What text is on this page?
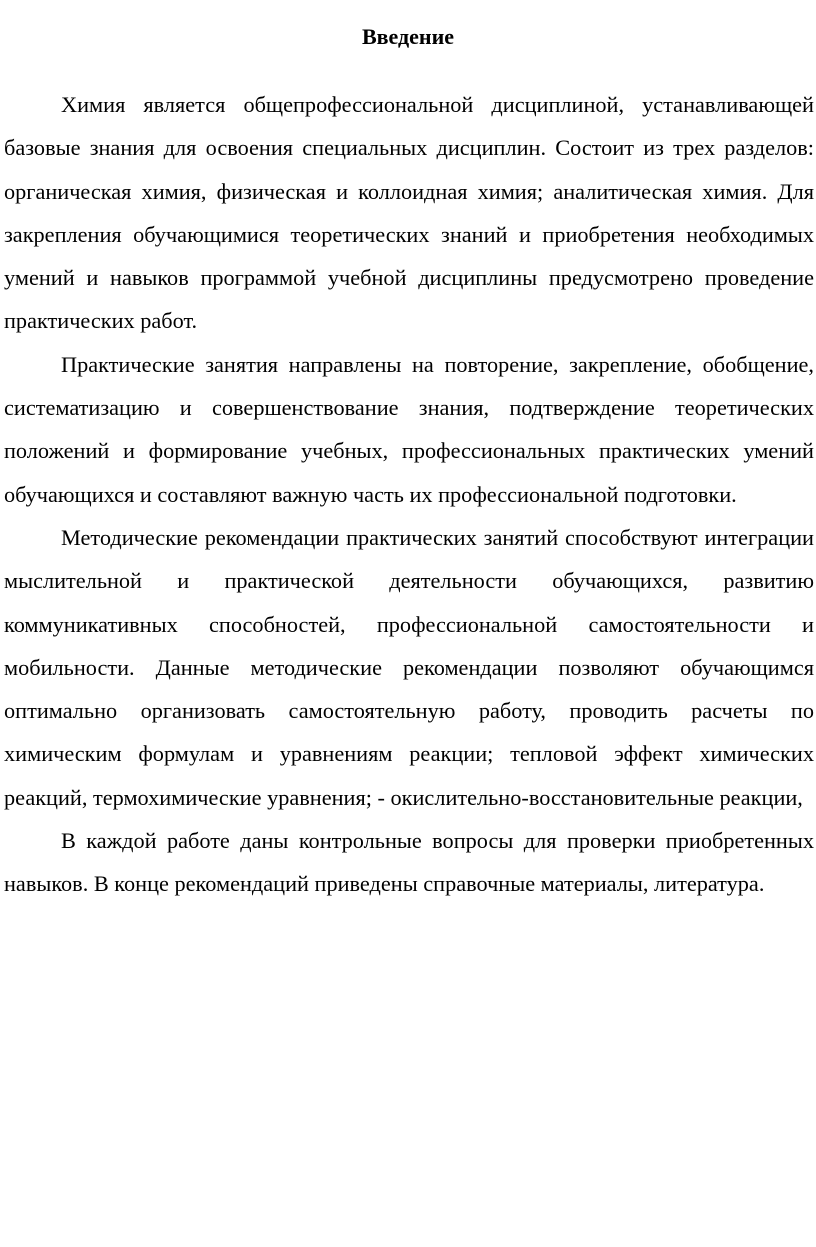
Введение

Химия является общепрофессиональной дисциплиной, устанавливающей базовые знания для освоения специальных дисциплин. Состоит из трех разделов: органическая химия, физическая и коллоидная химия; аналитическая химия. Для закрепления обучающимися теоретических знаний и приобретения необходимых умений и навыков программой учебной дисциплины предусмотрено проведение практических работ.

Практические занятия направлены на повторение, закрепление, обобщение, систематизацию и совершенствование знания, подтверждение теоретических положений и формирование учебных, профессиональных практических умений обучающихся и составляют важную часть их профессиональной подготовки.

Методические рекомендации практических занятий способствуют интеграции мыслительной и практической деятельности обучающихся, развитию коммуникативных способностей, профессиональной самостоятельности и мобильности. Данные методические рекомендации позволяют обучающимся оптимально организовать самостоятельную работу, проводить расчеты по химическим формулам и уравнениям реакции; тепловой эффект химических реакций, термохимические уравнения; - окислительно-восстановительные реакции,

В каждой работе даны контрольные вопросы для проверки приобретенных навыков. В конце рекомендаций приведены справочные материалы, литература.
